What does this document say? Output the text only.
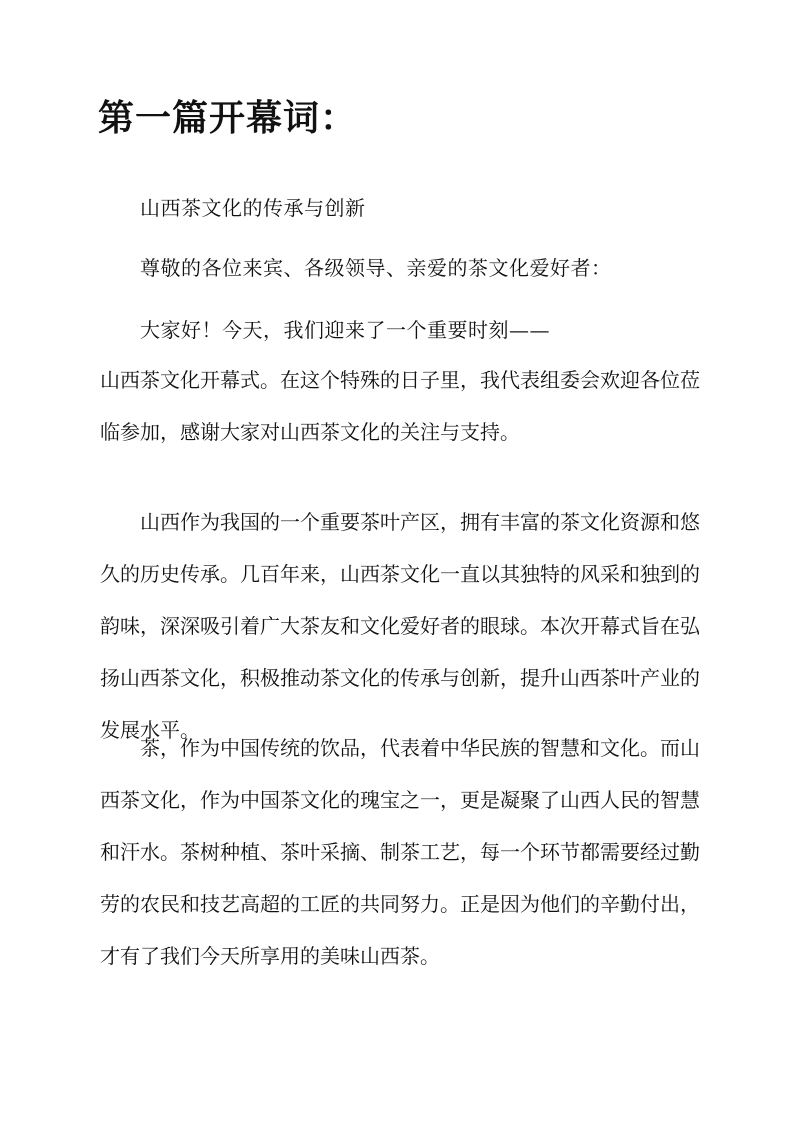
第一篇开幕词：

山西茶文化的传承与创新

尊敬的各位来宾、各级领导、亲爱的茶文化爱好者：

大家好！今天，我们迎来了一个重要时刻——

山西茶文化开幕式。在这个特殊的日子里，我代表组委会欢迎各位莅临参加，感谢大家对山西茶文化的关注与支持。

山西作为我国的一个重要茶叶产区，拥有丰富的茶文化资源和悠久的历史传承。几百年来，山西茶文化一直以其独特的风采和独到的韵味，深深吸引着广大茶友和文化爱好者的眼球。本次开幕式旨在弘扬山西茶文化，积极推动茶文化的传承与创新，提升山西茶叶产业的发展水平。

茶，作为中国传统的饮品，代表着中华民族的智慧和文化。而山西茶文化，作为中国茶文化的瑰宝之一，更是凝聚了山西人民的智慧和汗水。茶树种植、茶叶采摘、制茶工艺，每一个环节都需要经过勤劳的农民和技艺高超的工匠的共同努力。正是因为他们的辛勤付出，才有了我们今天所享用的美味山西茶。
